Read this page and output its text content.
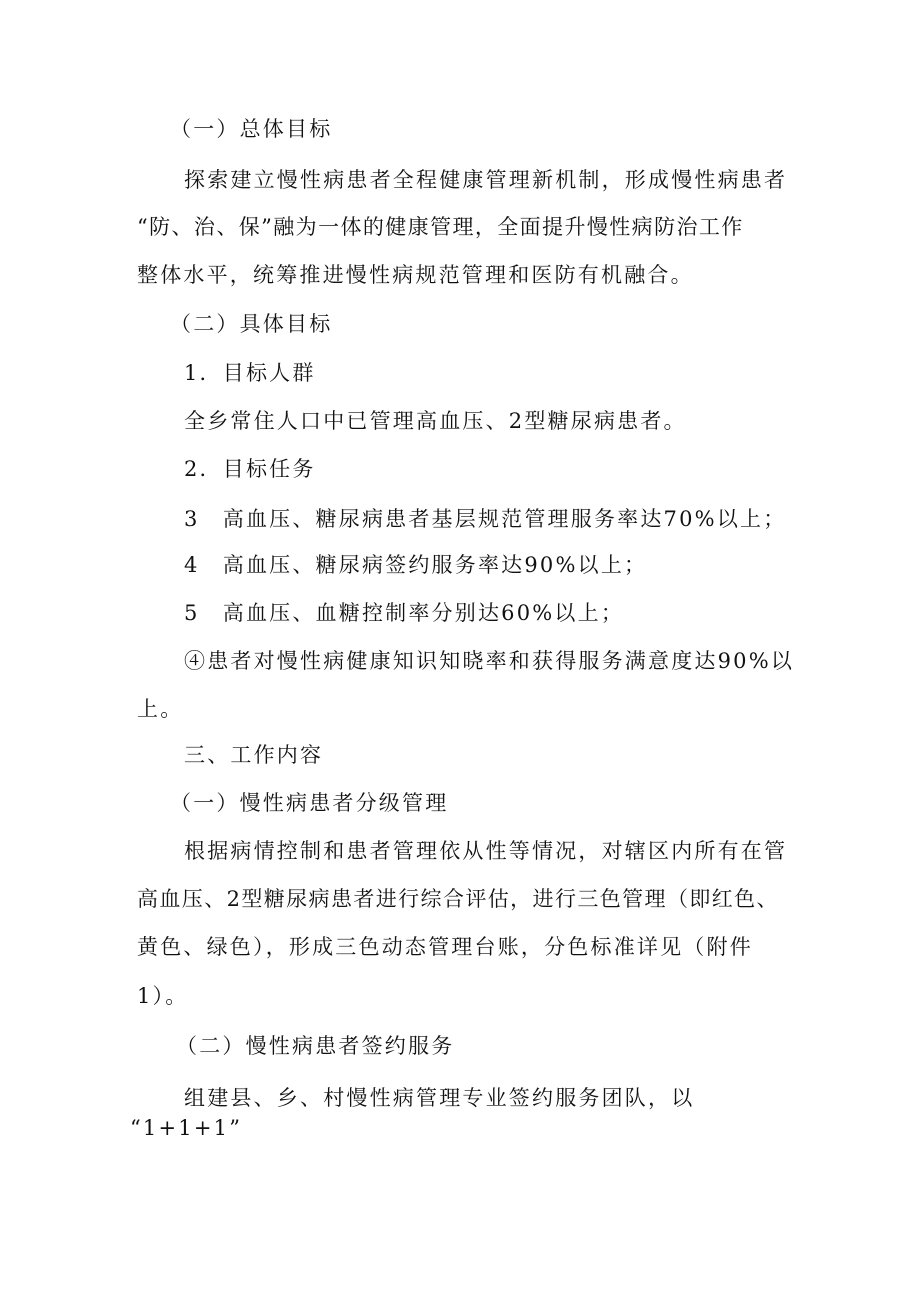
（一）总体目标

探索建立慢性病患者全程健康管理新机制，形成慢性病患者

“防、治、保”融为一体的健康管理，全面提升慢性病防治工作

整体水平，统筹推进慢性病规范管理和医防有机融合。

（二）具体目标

1．目标人群

全乡常住人口中已管理高血压、2型糖尿病患者。

2．目标任务

3　高血压、糖尿病患者基层规范管理服务率达70%以上；

4　高血压、糖尿病签约服务率达90%以上；

5　高血压、血糖控制率分别达60%以上；

④患者对慢性病健康知识知晓率和获得服务满意度达90%以

上。

三、工作内容

（一）慢性病患者分级管理

根据病情控制和患者管理依从性等情况，对辖区内所有在管

高血压、2型糖尿病患者进行综合评估，进行三色管理（即红色、

黄色、绿色），形成三色动态管理台账，分色标准详见（附件

1）。

（二）慢性病患者签约服务

组建县、乡、村慢性病管理专业签约服务团队，以

“1+1+1”
